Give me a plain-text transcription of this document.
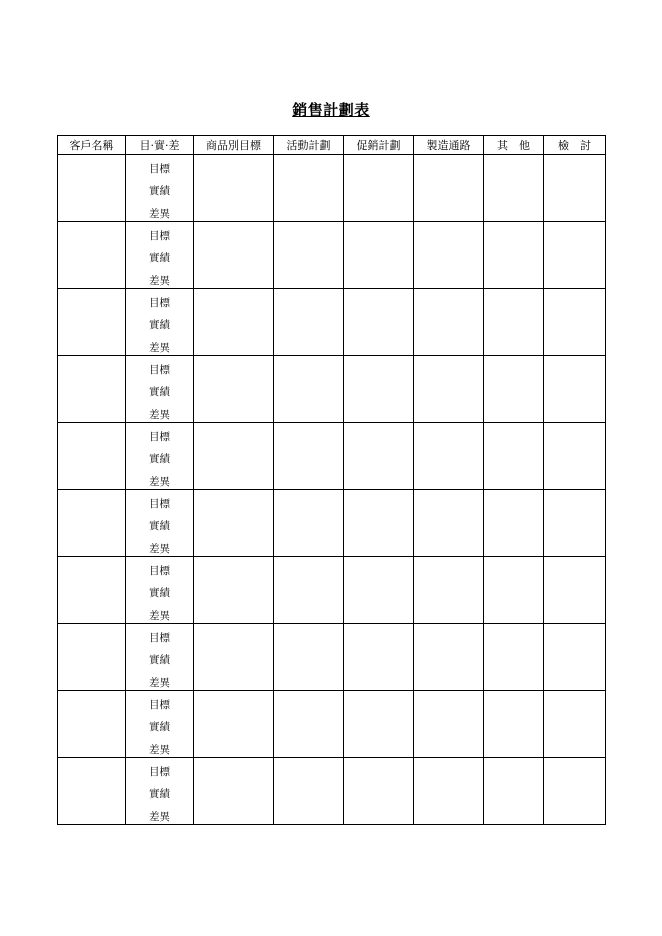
銷售計劃表
客戶名稱	目·實·差	商品別目標	活動計劃	促銷計劃	製造通路	其　他	檢　討

	目標
實績
差異						

	目標
實績
差異						

	目標
實績
差異						

	目標
實績
差異						

	目標
實績
差異						

	目標
實績
差異						

	目標
實績
差異						

	目標
實績
差異						

	目標
實績
差異						

	目標
實績
差異						
